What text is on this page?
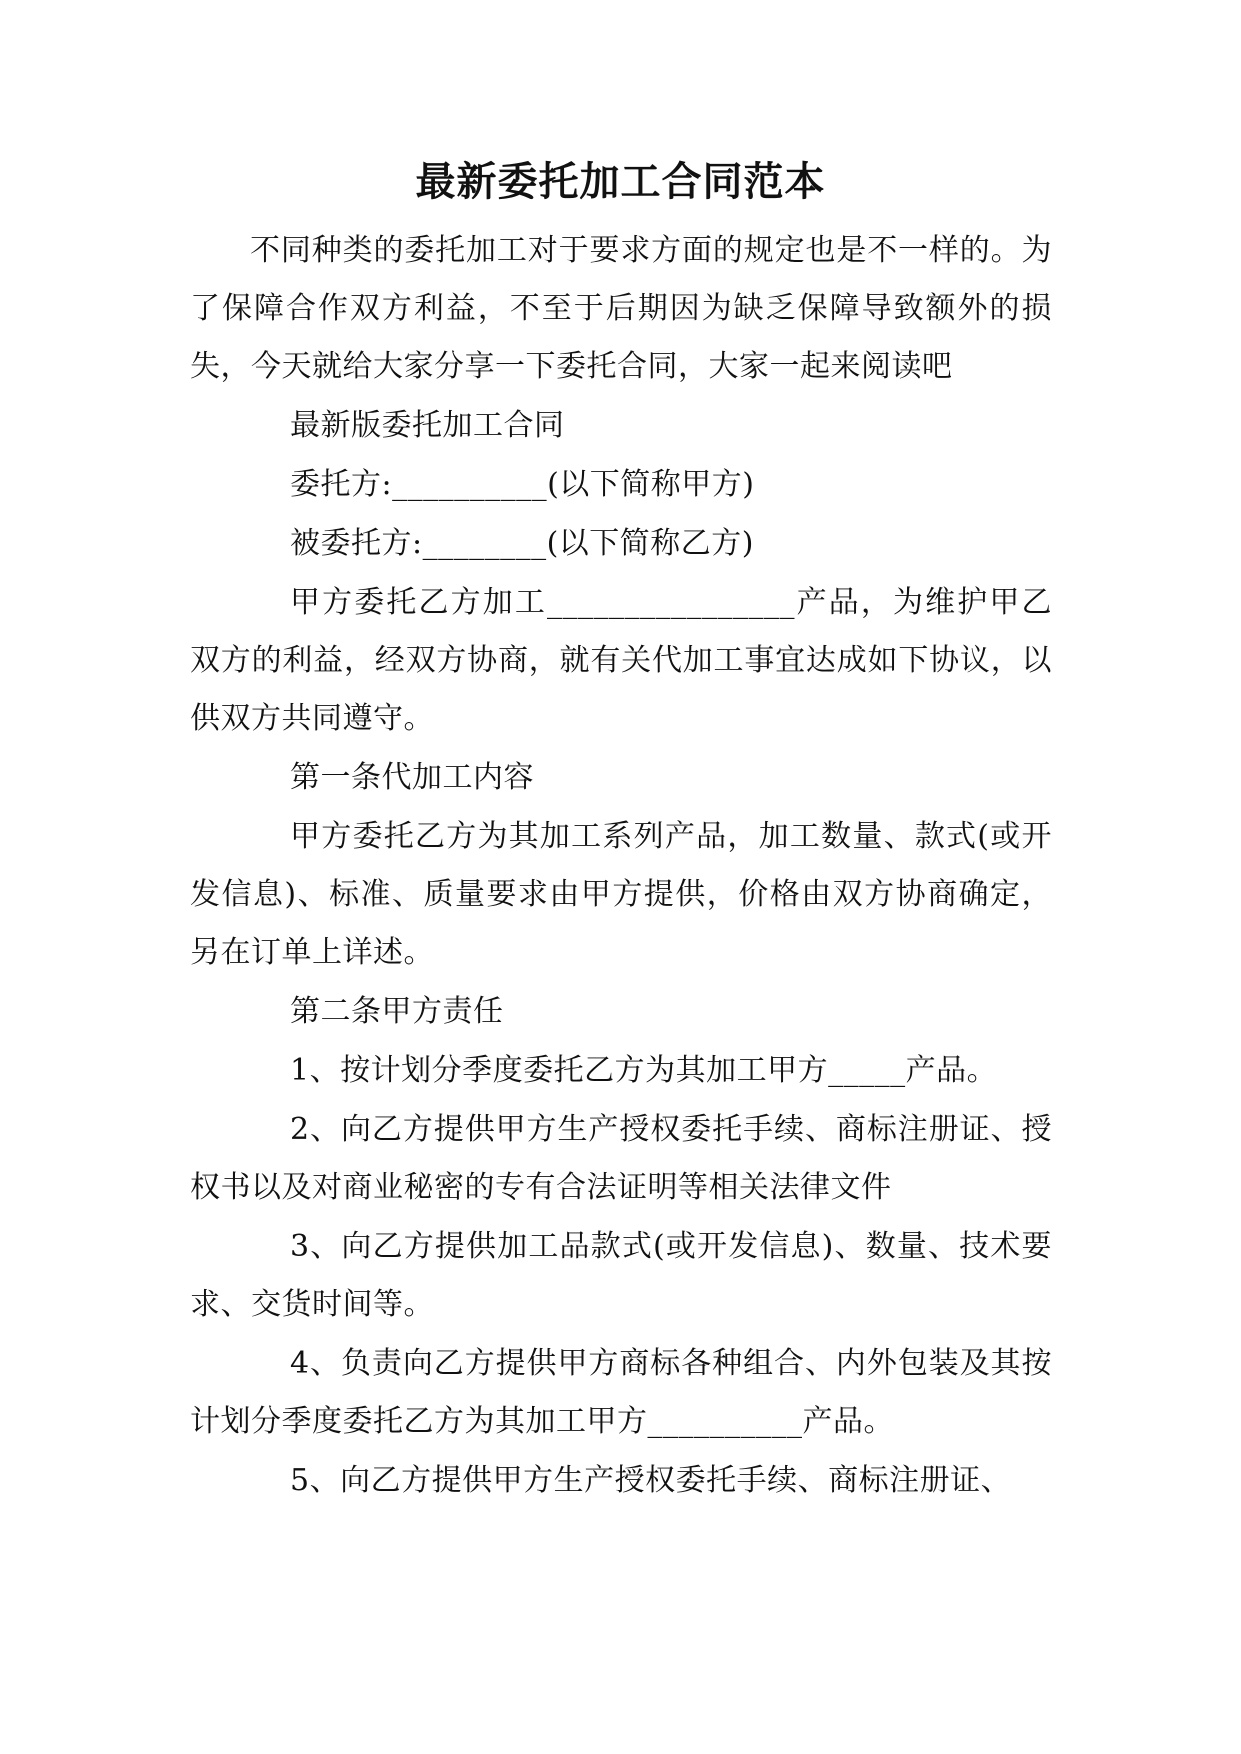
最新委托加工合同范本

不同种类的委托加工对于要求方面的规定也是不一样的。为了保障合作双方利益，不至于后期因为缺乏保障导致额外的损失，今天就给大家分享一下委托合同，大家一起来阅读吧

最新版委托加工合同

委托方:__________(以下简称甲方)

被委托方:________(以下简称乙方)

甲方委托乙方加工________________产品，为维护甲乙双方的利益，经双方协商，就有关代加工事宜达成如下协议，以供双方共同遵守。

第一条代加工内容

甲方委托乙方为其加工系列产品，加工数量、款式(或开发信息)、标准、质量要求由甲方提供，价格由双方协商确定，另在订单上详述。

第二条甲方责任

1、按计划分季度委托乙方为其加工甲方_____产品。

2、向乙方提供甲方生产授权委托手续、商标注册证、授权书以及对商业秘密的专有合法证明等相关法律文件

3、向乙方提供加工品款式(或开发信息)、数量、技术要求、交货时间等。

4、负责向乙方提供甲方商标各种组合、内外包装及其按计划分季度委托乙方为其加工甲方__________产品。

5、向乙方提供甲方生产授权委托手续、商标注册证、
